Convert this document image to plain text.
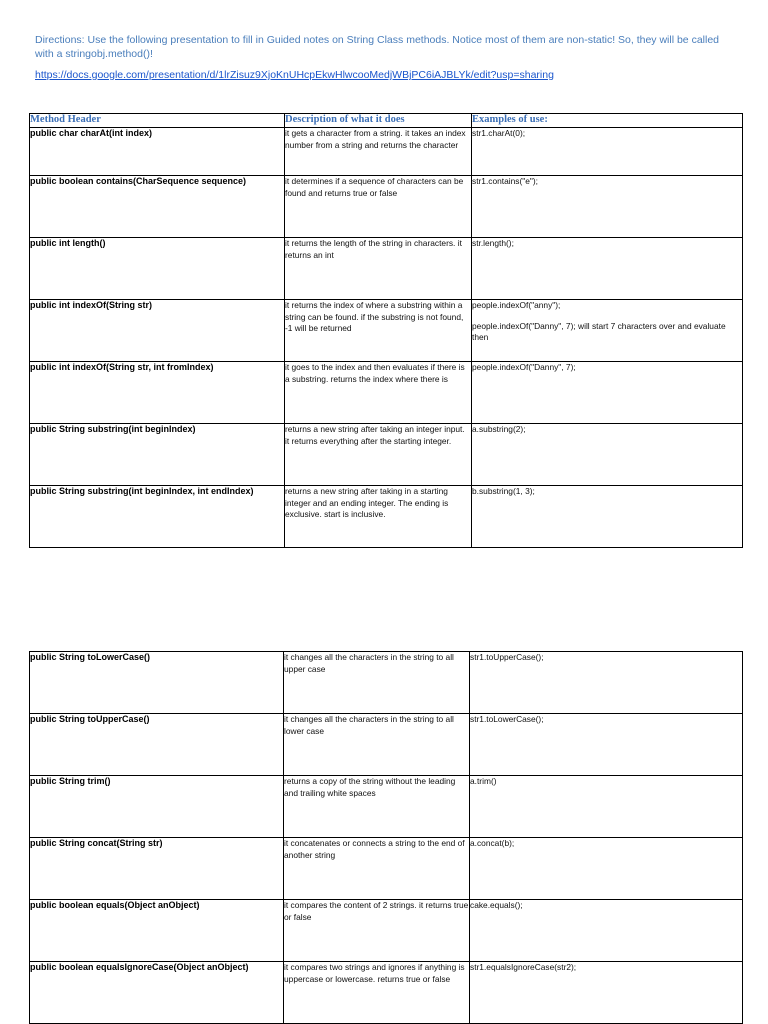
Directions: Use the following presentation to fill in Guided notes on String Class methods. Notice most of them are non-static! So, they will be called with a stringobj.method()!
https://docs.google.com/presentation/d/1lrZisuz9XjoKnUHcpEkwHlwcooMedjWBjPC6iAJBLYk/edit?usp=sharing
Method Header	Description of what it does	Examples of use:
public char charAt(int index)	it gets a character from a string. it takes an index number from a string and returns the character	str1.charAt(0);
public boolean contains(CharSequence sequence)	it determines if a sequence of characters can be found and returns true or false	str1.contains("e");
public int length()	it returns the length of the string in characters. it returns an int	str.length();
public int indexOf(String str)	it returns the index of where a substring within a string can be found. if the substring is not found, -1 will be returned	people.indexOf("anny");
people.indexOf("Danny", 7); will start 7 characters over and evaluate then

public int indexOf(String str, int fromIndex)	it goes to the index and then evaluates if there is a substring. returns the index where there is	people.indexOf("Danny", 7);
public String substring(int beginIndex)	returns a new string after taking an integer input. it returns everything after the starting integer.	a.substring(2);
public String substring(int beginIndex, int endIndex)	returns a new string after taking in a starting integer and an ending integer. The ending is exclusive. start is inclusive.	b.substring(1, 3);
public String toLowerCase()	it changes all the characters in the string to all upper case	str1.toUpperCase();
public String toUpperCase()	it changes all the characters in the string to all lower case	str1.toLowerCase();
public String trim()	returns a copy of the string without the leading and trailing white spaces	a.trim()
public String concat(String str)	it concatenates or connects a string to the end of another string	a.concat(b);
public boolean equals(Object anObject)	it compares the content of 2 strings. it returns true or false	cake.equals();
public boolean equalsIgnoreCase(Object anObject)	it compares two strings and ignores if anything is uppercase or lowercase. returns true or false	str1.equalsIgnoreCase(str2);
